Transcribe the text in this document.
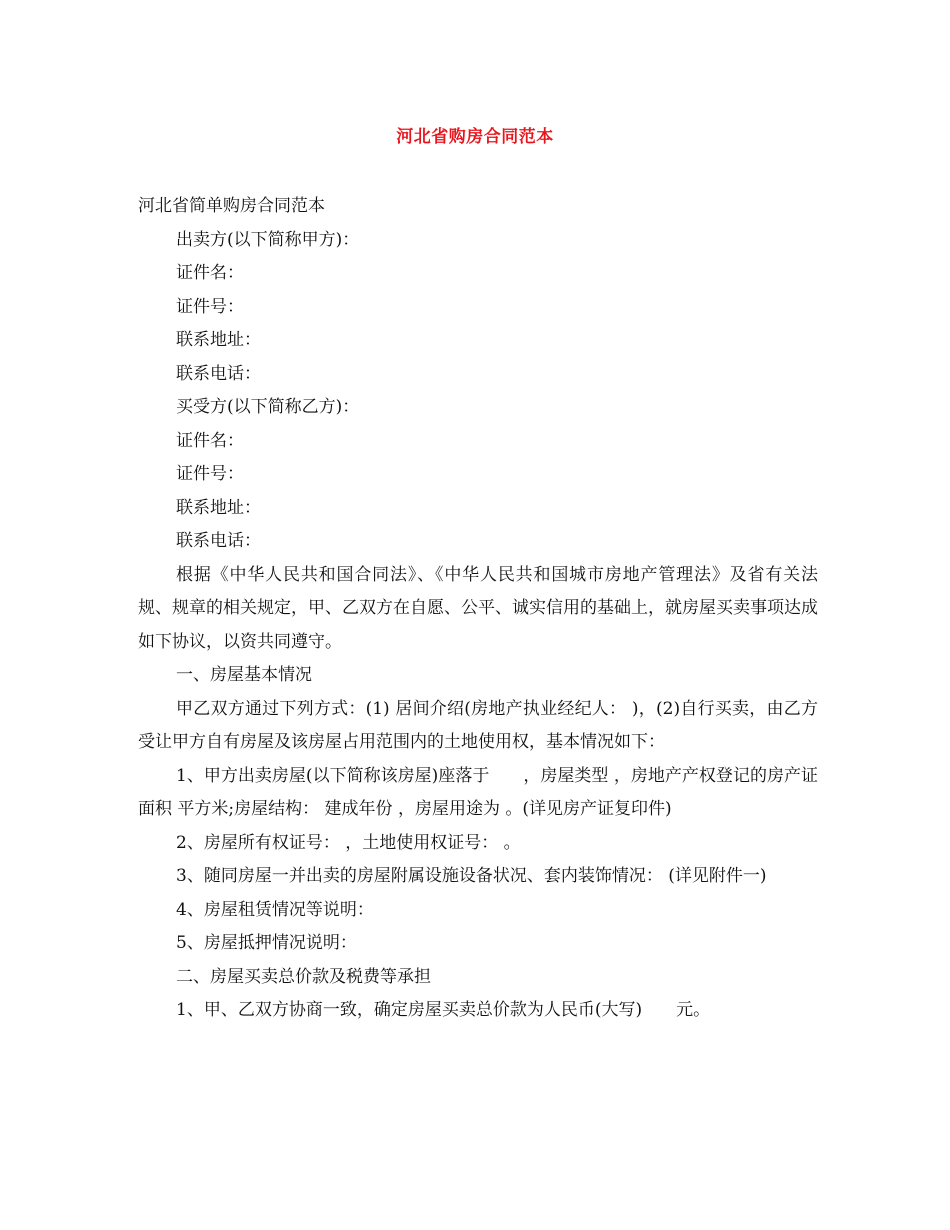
河北省购房合同范本
河北省简单购房合同范本
出卖方(以下简称甲方)：
证件名：
证件号：
联系地址：
联系电话：
买受方(以下简称乙方)：
证件名：
证件号：
联系地址：
联系电话：
根据《中华人民共和国合同法》、《中华人民共和国城市房地产管理法》及省有关法规、规章的相关规定，甲、乙双方在自愿、公平、诚实信用的基础上，就房屋买卖事项达成如下协议，以资共同遵守。
一、房屋基本情况
甲乙双方通过下列方式：(1) 居间介绍(房地产执业经纪人： )，(2)自行买卖，由乙方受让甲方自有房屋及该房屋占用范围内的土地使用权，基本情况如下：
1、甲方出卖房屋(以下简称该房屋)座落于　　，房屋类型 ，房地产产权登记的房产证面积 平方米;房屋结构： 建成年份 ，房屋用途为 。(详见房产证复印件)
2、房屋所有权证号： ，土地使用权证号： 。
3、随同房屋一并出卖的房屋附属设施设备状况、套内装饰情况： (详见附件一)
4、房屋租赁情况等说明：
5、房屋抵押情况说明：
二、房屋买卖总价款及税费等承担
1、甲、乙双方协商一致，确定房屋买卖总价款为人民币(大写)　　元。
